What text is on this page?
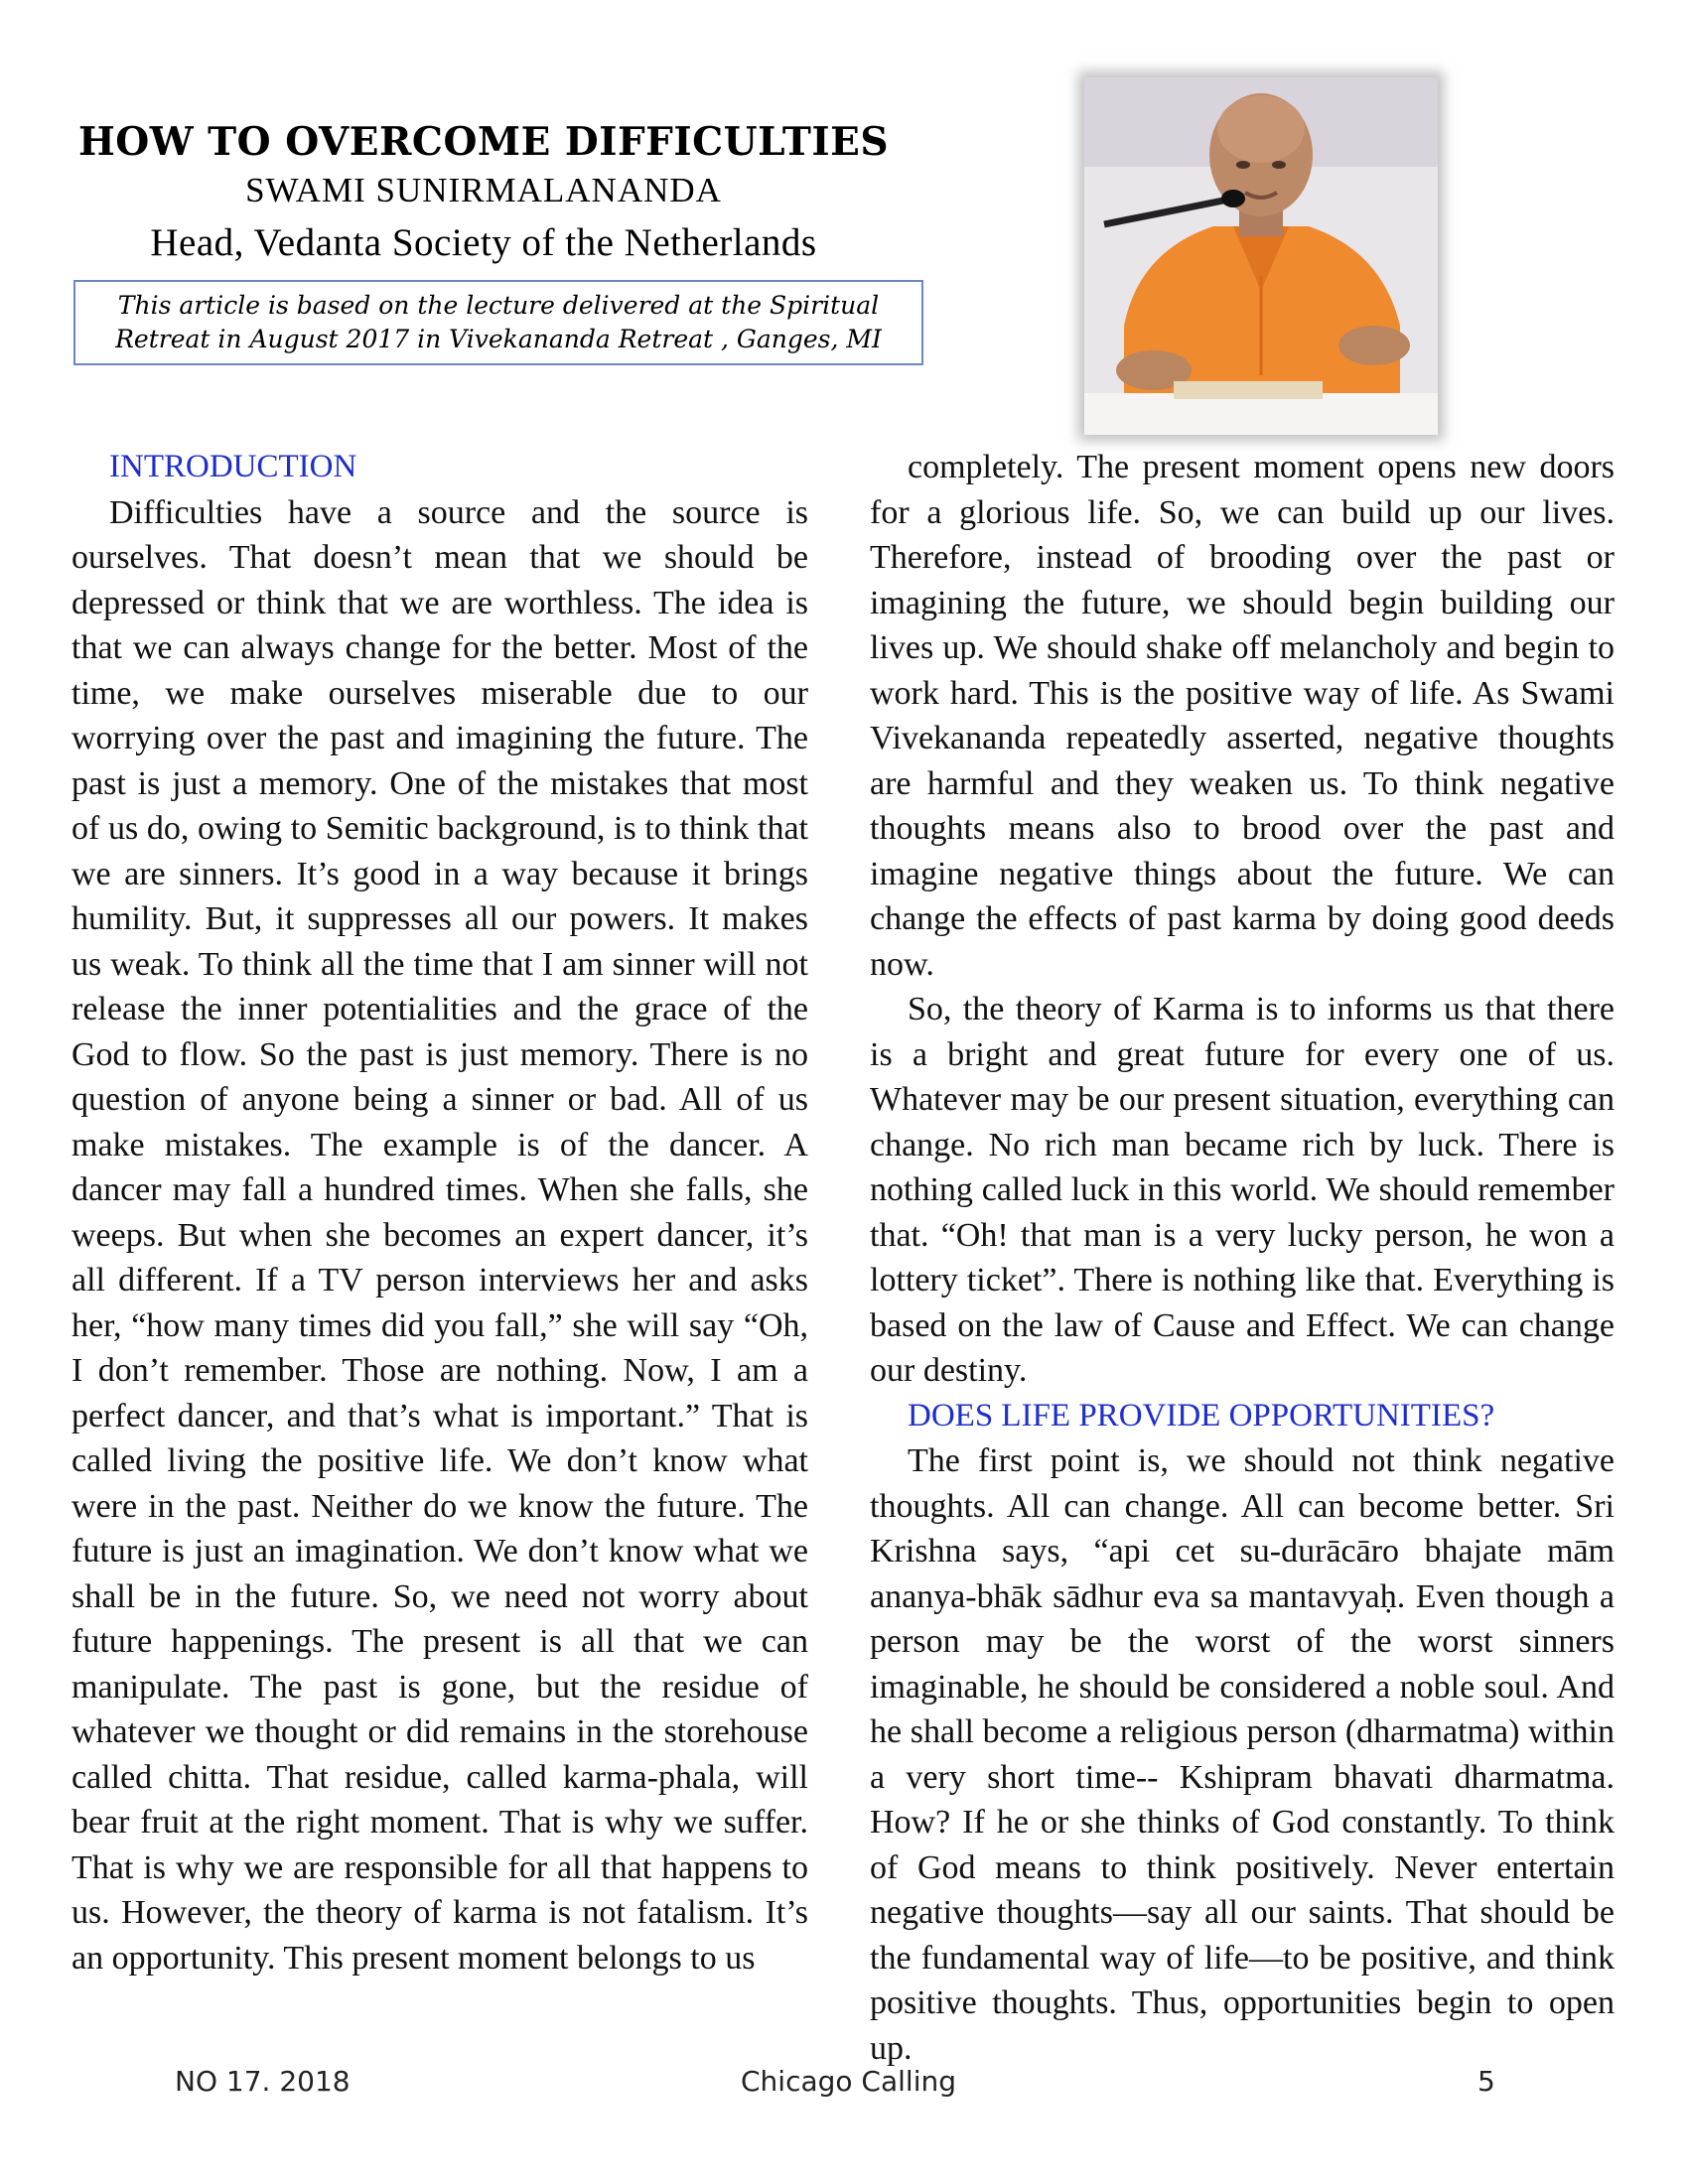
HOW TO OVERCOME DIFFICULTIES
SWAMI SUNIRMALANANDA
Head, Vedanta Society of the Netherlands

This article is based on the lecture delivered at the Spiritual
Retreat in August 2017 in Vivekananda Retreat , Ganges, MI

INTRODUCTION

Difficulties have a source and the source is ourselves. That doesn’t mean that we should be depressed or think that we are worthless. The idea is that we can always change for the better. Most of the time, we make ourselves miserable due to our worrying over the past and imagining the future. The past is just a memory. One of the mistakes that most of us do, owing to Semitic background, is to think that we are sinners. It’s good in a way because it brings humility. But, it suppresses all our powers. It makes us weak. To think all the time that I am sinner will not release the inner potentialities and the grace of the God to flow. So the past is just memory. There is no question of anyone being a sinner or bad. All of us make mistakes. The example is of the dancer. A dancer may fall a hundred times. When she falls, she weeps. But when she becomes an expert dancer, it’s all different. If a TV person interviews her and asks her, “how many times did you fall,” she will say “Oh, I don’t remember. Those are nothing. Now, I am a perfect dancer, and that’s what is important.” That is called living the positive life. We don’t know what were in the past. Neither do we know the future. The future is just an imagination. We don’t know what we shall be in the future. So, we need not worry about future happenings. The present is all that we can manipulate. The past is gone, but the residue of whatever we thought or did remains in the storehouse called chitta. That residue, called karma-phala, will bear fruit at the right moment. That is why we suffer. That is why we are responsible for all that happens to us. However, the theory of karma is not fatalism. It’s an opportunity. This present moment belongs to us

completely. The present moment opens new doors for a glorious life. So, we can build up our lives. Therefore, instead of brooding over the past or imagining the future, we should begin building our lives up. We should shake off melancholy and begin to work hard. This is the positive way of life. As Swami Vivekananda repeatedly asserted, negative thoughts are harmful and they weaken us. To think negative thoughts means also to brood over the past and imagine negative things about the future. We can change the effects of past karma by doing good deeds now.

So, the theory of Karma is to informs us that there is a bright and great future for every one of us. Whatever may be our present situation, everything can change. No rich man became rich by luck. There is nothing called luck in this world. We should remember that. “Oh! that man is a very lucky person, he won a lottery ticket”. There is nothing like that. Everything is based on the law of Cause and Effect. We can change our destiny.

DOES LIFE PROVIDE OPPORTUNITIES?

The first point is, we should not think negative thoughts. All can change. All can become better. Sri Krishna says, “api cet su-durācāro bhajate mām ananya-bhāk sādhur eva sa mantavyaḥ. Even though a person may be the worst of the worst sinners imaginable, he should be considered a noble soul. And he shall become a religious person (dharmatma) within a very short time-- Kshipram bhavati dharmatma. How? If he or she thinks of God constantly. To think of God means to think positively. Never entertain negative thoughts—say all our saints. That should be the fundamental way of life—to be positive, and think positive thoughts. Thus, opportunities begin to open up.

NO 17. 2018	Chicago Calling	5
